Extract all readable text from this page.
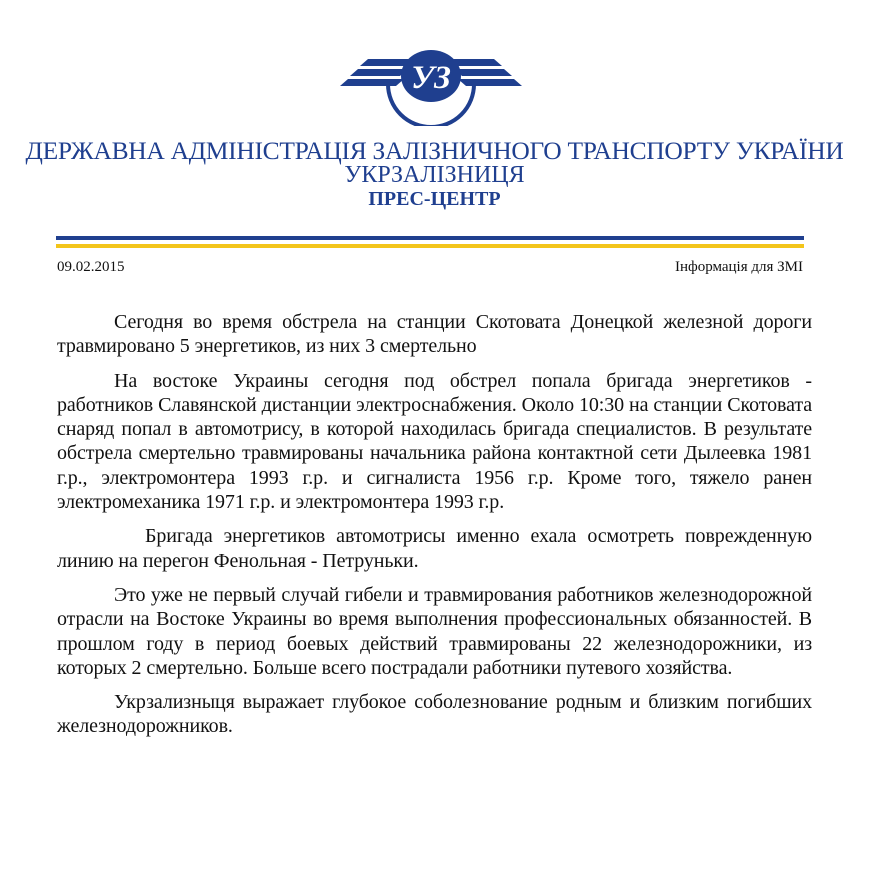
УЗ
ДЕРЖАВНА АДМІНІСТРАЦІЯ ЗАЛІЗНИЧНОГО ТРАНСПОРТУ УКРАЇНИ
УКРЗАЛІЗНИЦЯ
ПРЕС-ЦЕНТР
09.02.2015	Інформація для ЗМІ

Сегодня во время обстрела на станции Скотовата Донецкой железной дороги травмировано 5 энергетиков, из них 3 смертельно

На востоке Украины сегодня под обстрел попала бригада энергетиков - работников Славянской дистанции электроснабжения. Около 10:30 на станции Скотовата снаряд попал в автомотрису, в которой находилась бригада специалистов. В результате обстрела смертельно травмированы начальника района контактной сети Дылеевка 1981 г.р., электромонтера 1993 г.р. и сигналиста 1956 г.р. Кроме того, тяжело ранен электромеханика 1971 г.р. и электромонтера 1993 г.р.

Бригада энергетиков автомотрисы именно ехала осмотреть поврежденную линию на перегон Фенольная - Петруньки.

Это уже не первый случай гибели и травмирования работников железнодорожной отрасли на Востоке Украины во время выполнения профессиональных обязанностей. В прошлом году в период боевых действий травмированы 22 железнодорожники, из которых 2 смертельно. Больше всего пострадали работники путевого хозяйства.

Укрзализныця выражает глубокое соболезнование родным и близким погибших железнодорожников.
